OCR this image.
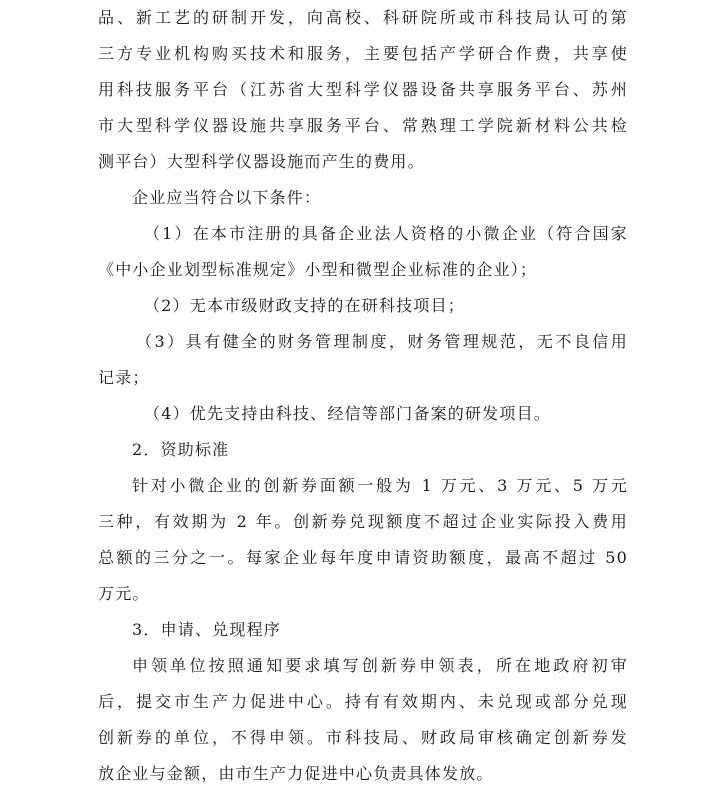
品、新工艺的研制开发，向高校、科研院所或市科技局认可的第
三方专业机构购买技术和服务，主要包括产学研合作费，共享使
用科技服务平台（江苏省大型科学仪器设备共享服务平台、苏州
市大型科学仪器设施共享服务平台、常熟理工学院新材料公共检
测平台）大型科学仪器设施而产生的费用。
企业应当符合以下条件：
（1）在本市注册的具备企业法人资格的小微企业（符合国家
《中小企业划型标准规定》小型和微型企业标准的企业）；
（2）无本市级财政支持的在研科技项目；
（3）具有健全的财务管理制度，财务管理规范，无不良信用
记录；
（4）优先支持由科技、经信等部门备案的研发项目。
2．资助标准
针对小微企业的创新券面额一般为 1 万元、3 万元、5 万元
三种，有效期为 2 年。创新券兑现额度不超过企业实际投入费用
总额的三分之一。每家企业每年度申请资助额度，最高不超过 50
万元。
3．申请、兑现程序
申领单位按照通知要求填写创新券申领表，所在地政府初审
后，提交市生产力促进中心。持有有效期内、未兑现或部分兑现
创新券的单位，不得申领。市科技局、财政局审核确定创新券发
放企业与金额，由市生产力促进中心负责具体发放。
